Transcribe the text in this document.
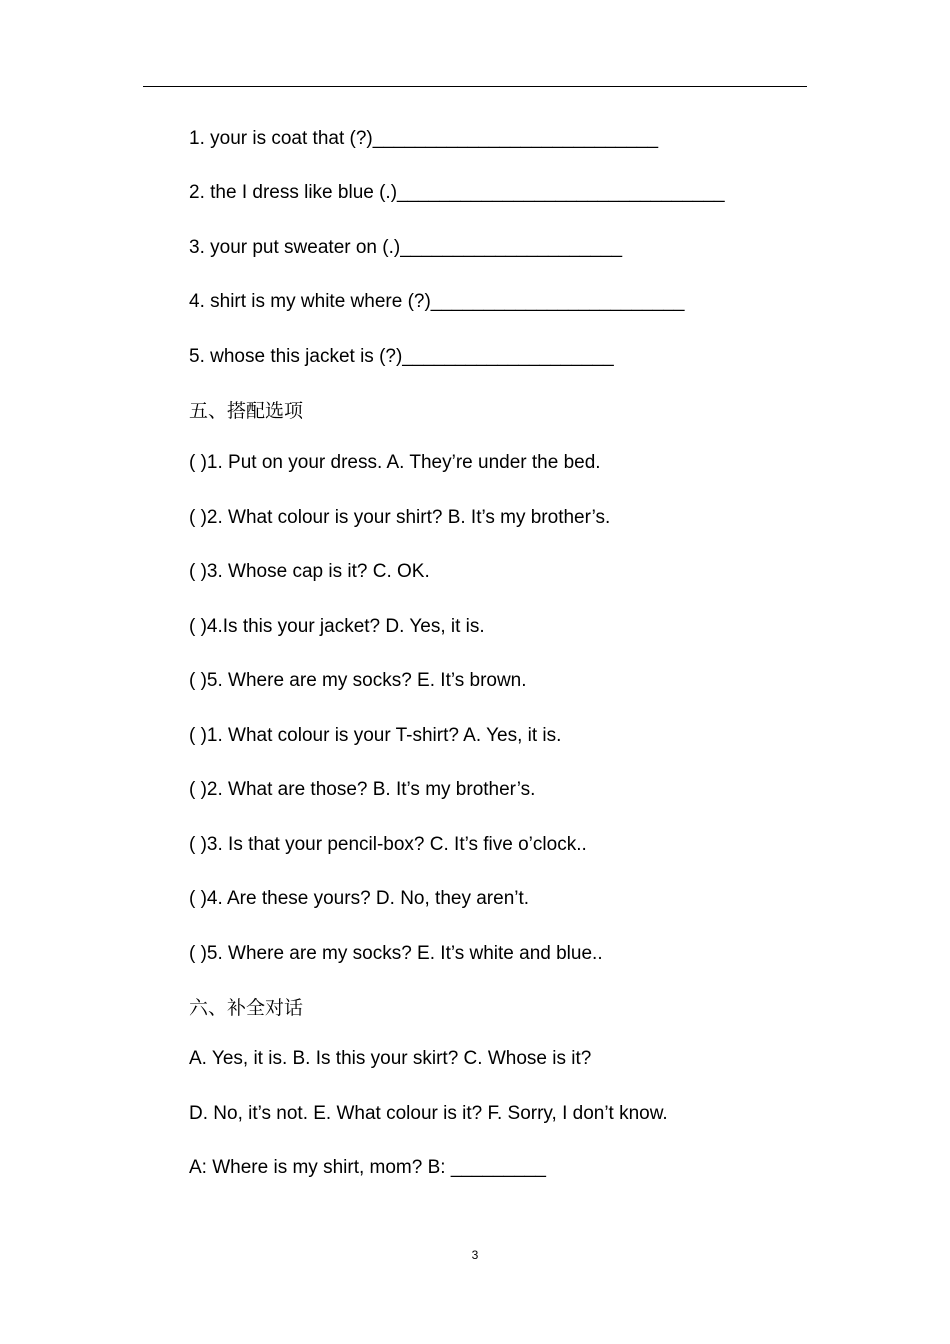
1. your is coat that (?)___________________________
2. the I dress like blue (.)_______________________________
3. your put sweater on (.)_____________________
4. shirt is my white where (?)________________________
5. whose this jacket is (?)____________________
五、搭配选项
( )1. Put on your dress. A. They’re under the bed.
( )2. What colour is your shirt? B. It’s my brother’s.
( )3. Whose cap is it? C. OK.
( )4.Is this your jacket? D. Yes, it is.
( )5. Where are my socks? E. It’s brown.
( )1. What colour is your T-shirt? A. Yes, it is.
( )2. What are those? B. It’s my brother’s.
( )3. Is that your pencil-box? C. It’s five o’clock..
( )4. Are these yours? D. No, they aren’t.
( )5. Where are my socks? E. It’s white and blue..
六、补全对话
A. Yes, it is. B. Is this your skirt? C. Whose is it?
D. No, it’s not. E. What colour is it? F. Sorry, I don’t know.
A: Where is my shirt, mom? B: _________
3
